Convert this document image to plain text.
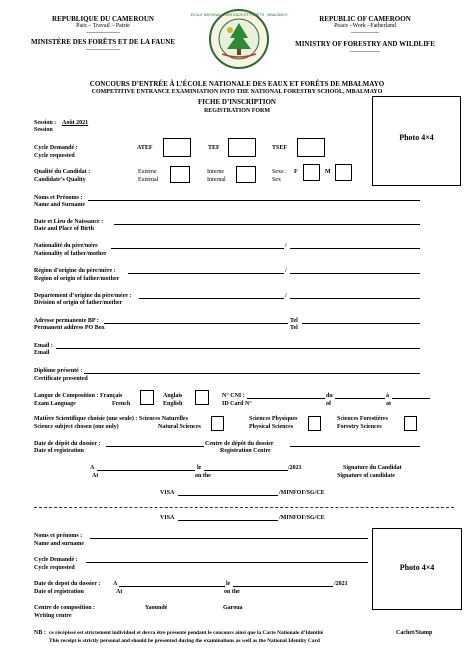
REPUBLIQUE DU CAMEROUN
Paix – Travail – Patrie
-----------------
MINISTÈRE DES FORÊTS ET DE LA FAUNE
-----------------
REPUBLIC OF CAMEROON
Peace –Work –Fatherland
--------------
MINISTRY OF FORESTRY AND WILDLIFE
---------------
ÉCOLE NATIONALE DES EAUX ET FORÊTS · MBALMAYO
CONCOURS D’ENTRÉE À L’ÉCOLE NATIONALE DES EAUX ET FORÊTS DE MBALMAYO
COMPETITIVE ENTRANCE EXAMINIATION INTO THE NATIONAL FORESTRY SCHOOL, MBALMAYO
FICHE D’INSCRIPTION
REGISTRATION FORM
Photo 4×4
Session : Août 2021
Session
Cycle Demandé :
Cycle requested
ATEF	TEF	TSEF
Qualité du Candidat :
Candidate’s Quality
Externe
External
Interne
Internal
Sexe :
Sex
F	M
Noms et Prénoms :
Name and Surname
Date et Lieu de Naissance :
Date and Place of Birth
Nationalité du père/mère
Nationality of father/mother
/
Région d’origine du père/mère :
Region of origin of father/mother
/
Departement d’origine du père/mère :
Division of origin of father/mother
/
Adresse permanente BP :
Permanent address PO Box
Tel
Tel
Email :
Email
Diplôme présenté :
Certificate presented
Langue de Composition : Français
Exam Language	French
Anglais
English
N° CNI :
ID Card N°
du
of
à
at
Matière Scientifique choisie (une seule) : Sciences Naturelles
Science subject chosen (one only)	Natural Sciences
Sciences Physiques
Physical Sciences
Sciences Forestières
Forestry Sciences
Date de dépôt du dossier :
Date of registration
Centre de dépôt du dossier
Registration Centre
A
At
le
on the
/2021	Signature du Candidat
Signature of candidate
VISA	/MINFOF/SG/CE
VISA	/MINFOF/SG/CE
Photo 4×4
Noms et prénoms :
Name and surname
Cycle Demandé :
Cycle requested
Date de depot du dossier :
Date of registration
A
At
le
on the
/2021
Centre de composition :
Writing centre
Yaoundé	Garoua
NB : ce récépissé est strictement individuel et devra être présenté pendant le concours ainsi que la Carte Nationale d’Identité
This receipt is strictly personal and should be presented during the examinations as well as the National Identity Card
Cachet/Stamp
